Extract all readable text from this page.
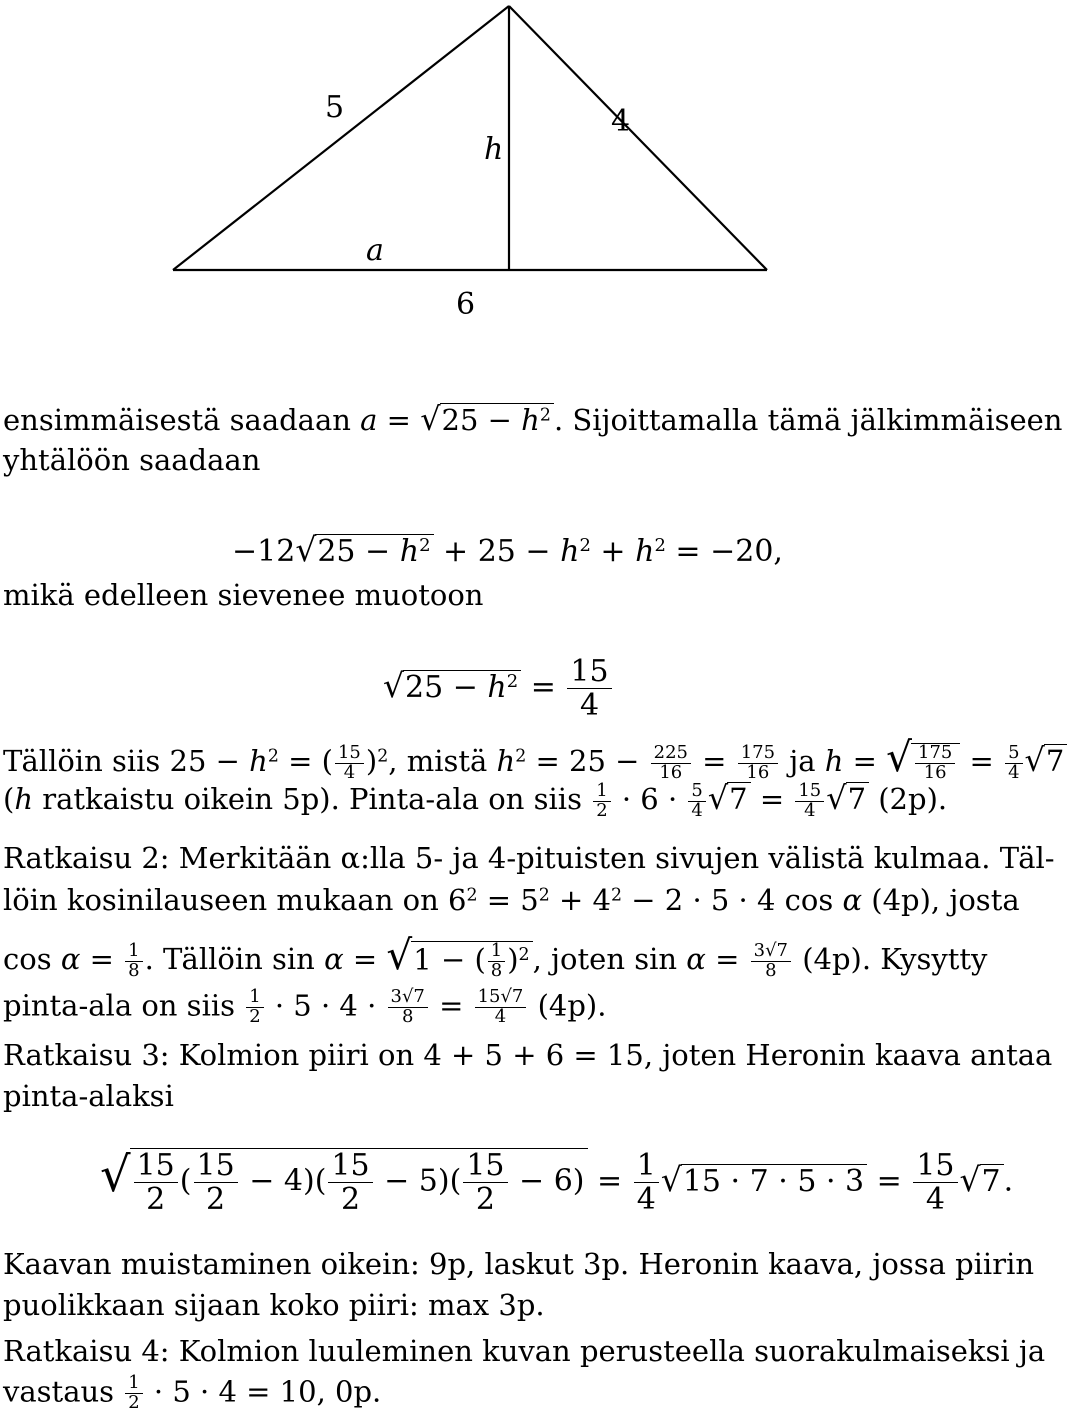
5	4
h
a
6
ensimmäisestä saadaan $a = √25 - h^2$ . Sijoittamalla tämä jälkimmäiseen
yhtälöön saadaan
$-12√25 - h^2 + 25 - h^2 + h^2 = -20$,
mikä edelleen sievenee muotoon
$√25 - h^2 = \frac{15}{4}$
Tällöin siis $25 - h^2$ = ( $\frac{15}{4} )^2$, mistä $h^2 = 25 - \frac{225}{16} = \frac{175}{16}$ ja h = √ $\frac{175}{16} = \frac{5}{4} √7$
(h ratkaistu oikein 5p). Pinta-ala on siis $\frac{1}{2} \cdot 6 \cdot \frac{5}{4} √7 = \frac{15}{4} √7$ (2p).
Ratkaisu 2: Merkitään α:lla 5- ja 4-pituisten sivujen välistä kulmaa. Täl-
löin kosinilauseen mukaan on $6^2 = 5^2 + 4^2 - 2 \cdot 5 \cdot 4$ cos α (4p), josta
$\cos \alpha = \frac{1}{8}$ . Tällöin sin α = √1 − ( $\frac{1}{8} )^2$ , joten $\sin \alpha = \frac{3√7}{8} (4p)$. Kysytty
pinta-ala on siis $\frac{1}{2} \cdot 5 \cdot 4 \cdot \frac{3√7}{8} = \frac{15√7}{4} (4p)$.
Ratkaisu 3: Kolmion piiri on 4 + 5 + 6 = 15, joten Heronin kaava antaa
pinta-alaksi
√ $\frac{15}{2}$ ( $\frac{15}{2} - 4)( \frac{15}{2} - 5)( \frac{15}{2} - 6) = \frac{1}{4} √15 \cdot 7 \cdot 5 \cdot 3 = \frac{15}{4} √7$ .
Kaavan muistaminen oikein: 9p, laskut 3p. Heronin kaava, jossa piirin
puolikkaan sijaan koko piiri: max 3p.
Ratkaisu 4: Kolmion luuleminen kuvan perusteella suorakulmaiseksi ja
vastaus $\frac{1}{2} \cdot 5 \cdot 4 = 10$, 0p.
